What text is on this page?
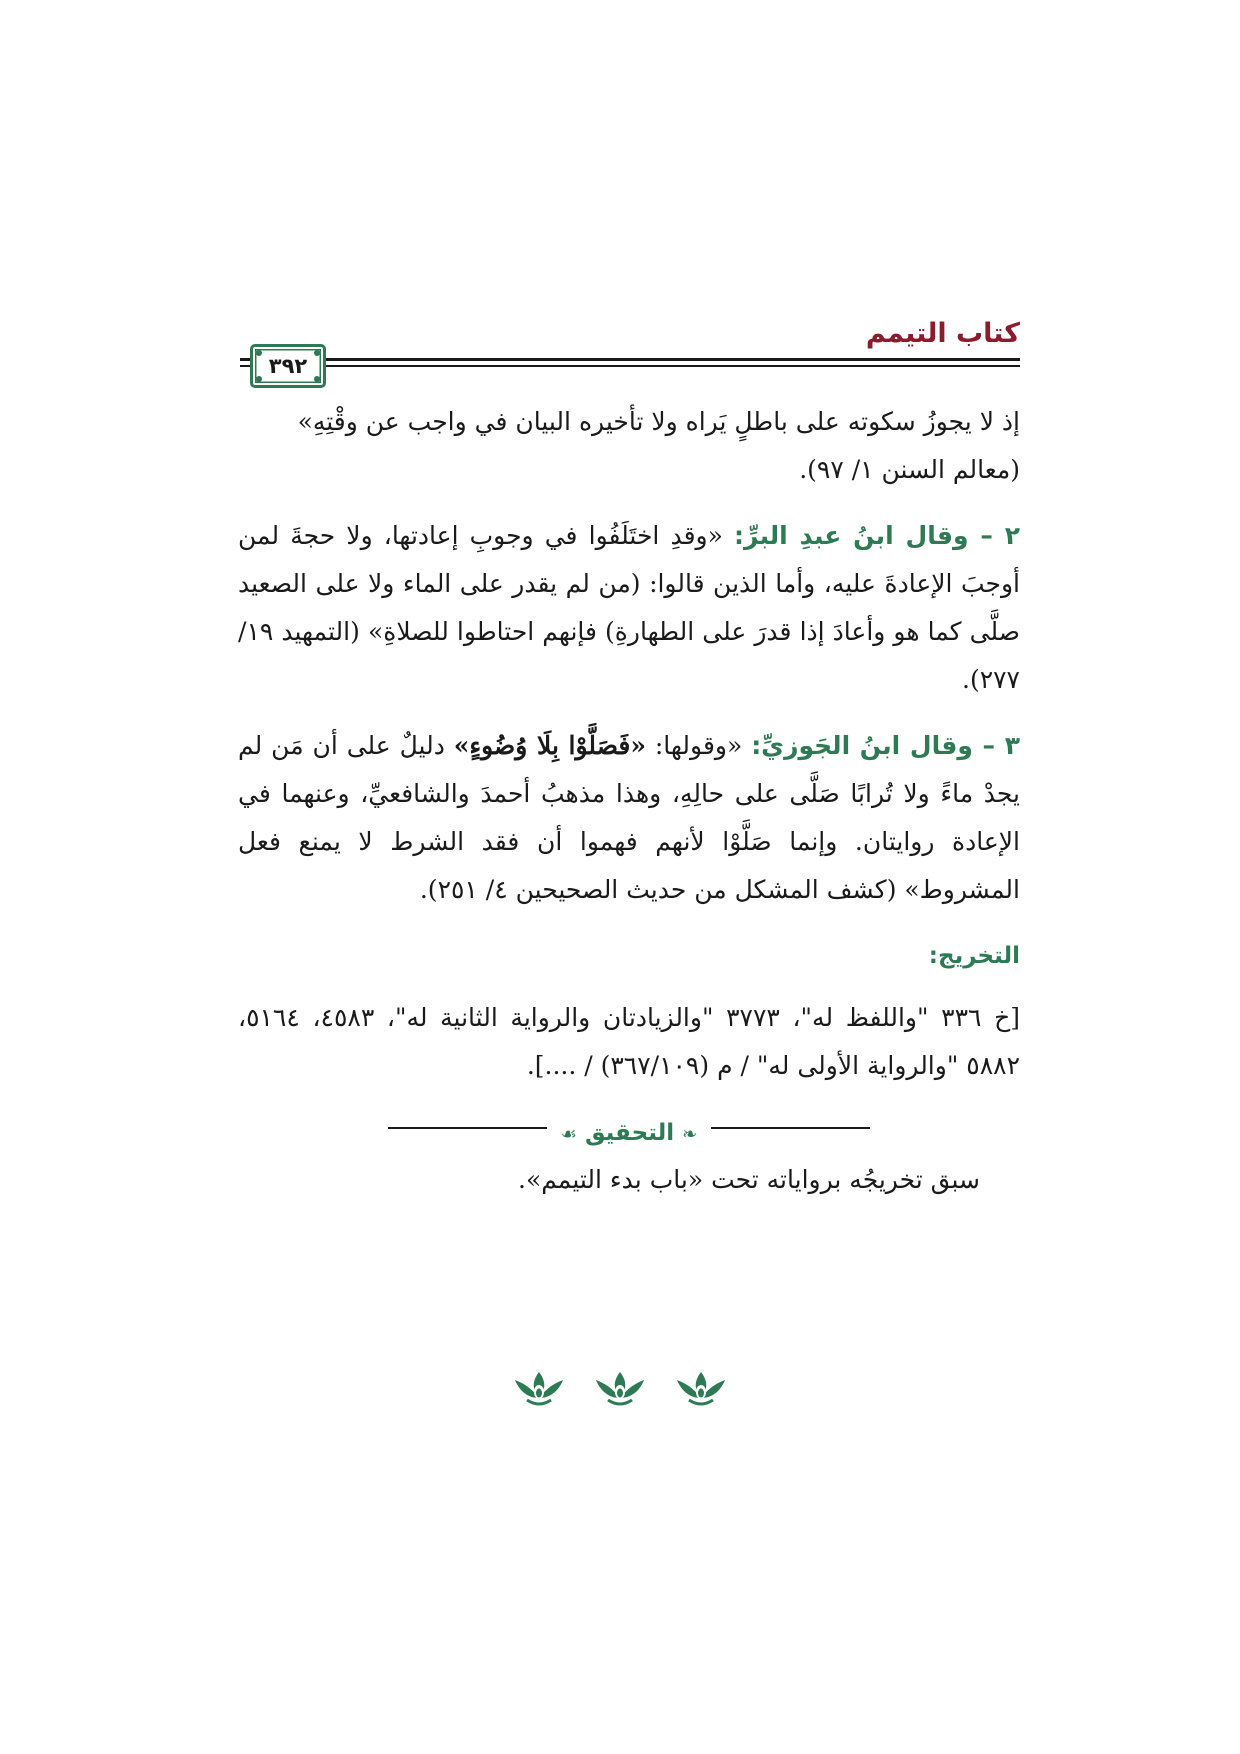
كتاب التيمم
٣٩٢

إذ لا يجوزُ سكوته على باطلٍ يَراه ولا تأخيره البيان في واجب عن وقْتِهِ»
(معالم السنن ١/ ٩٧).

٢ – وقال ابنُ عبدِ البرِّ: «وقدِ اختَلَفُوا في وجوبِ إعادتها، ولا حجةَ لمن أوجبَ الإعادةَ عليه، وأما الذين قالوا: (من لم يقدر على الماء ولا على الصعيد صلَّى كما هو وأعادَ إذا قدرَ على الطهارةِ) فإنهم احتاطوا للصلاةِ» (التمهيد ١٩/ ٢٧٧).

٣ – وقال ابنُ الجَوزيِّ: «وقولها: «فَصَلَّوْا بِلَا وُضُوءٍ» دليلٌ على أن مَن لم يجدْ ماءً ولا تُرابًا صَلَّى على حالِهِ، وهذا مذهبُ أحمدَ والشافعيِّ، وعنهما في الإعادة روايتان. وإنما صَلَّوْا لأنهم فهموا أن فقد الشرط لا يمنع فعل المشروط» (كشف المشكل من حديث الصحيحين ٤/ ٢٥١).

التخريج:

[خ ٣٣٦ "واللفظ له"، ٣٧٧٣ "والزيادتان والرواية الثانية له"، ٤٥٨٣، ٥١٦٤، ٥٨٨٢ "والرواية الأولى له" / م (٣٦٧/١٠٩) / ....].

❧ التحقيق ☙

سبق تخريجُه برواياته تحت «باب بدء التيمم».
